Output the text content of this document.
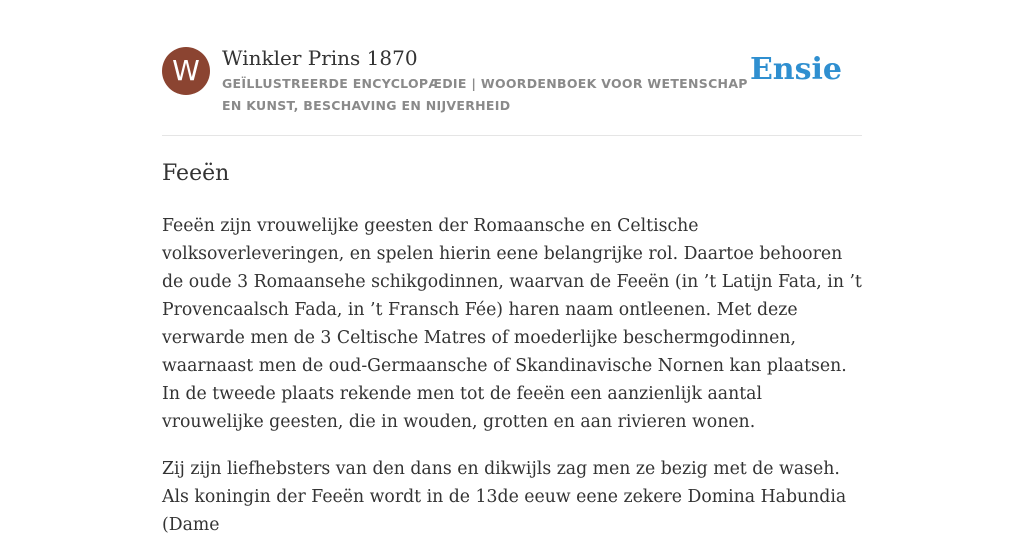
W	Winkler Prins 1870
GEÏLLUSTREERDE ENCYCLOPÆDIE | WOORDENBOEK VOOR WETENSCHAP EN KUNST, BESCHAVING EN NIJVERHEID
Ensie
Feeën

Feeën zijn vrouwelijke geesten der Romaansche en Celtische volksoverleveringen, en spelen hierin eene belangrijke rol. Daartoe behooren de oude 3 Romaansehe schikgodinnen, waarvan de Feeën (in ’t Latijn Fata, in ’t Provencaalsch Fada, in ’t Fransch Fée) haren naam ontleenen. Met deze verwarde men de 3 Celtische Matres of moederlijke beschermgodinnen, waarnaast men de oud-Germaansche of Skandinavische Nornen kan plaatsen. In de tweede plaats rekende men tot de feeën een aanzienlijk aantal vrouwelijke geesten, die in wouden, grotten en aan rivieren wonen.

Zij zijn liefhebsters van den dans en dikwijls zag men ze bezig met de waseh. Als koningin der Feeën wordt in de 13de eeuw eene zekere Domina Habundia (Dame
